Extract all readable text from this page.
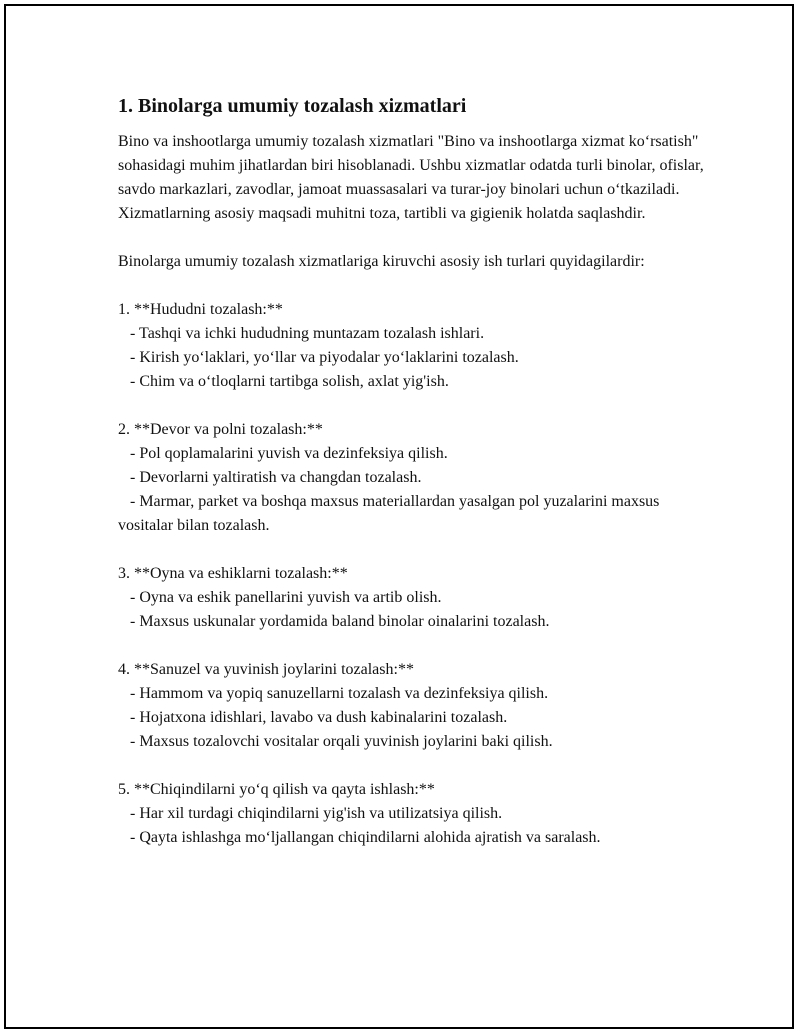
1. Binolarga umumiy tozalash xizmatlari

Bino va inshootlarga umumiy tozalash xizmatlari "Bino va inshootlarga xizmat ko‘rsatish" sohasidagi muhim jihatlardan biri hisoblanadi. Ushbu xizmatlar odatda turli binolar, ofislar, savdo markazlari, zavodlar, jamoat muassasalari va turar-joy binolari uchun o‘tkaziladi. Xizmatlarning asosiy maqsadi muhitni toza, tartibli va gigienik holatda saqlashdir.

Binolarga umumiy tozalash xizmatlariga kiruvchi asosiy ish turlari quyidagilardir:

1. **Hududni tozalash:**

- Tashqi va ichki hududning muntazam tozalash ishlari.

- Kirish yo‘laklari, yo‘llar va piyodalar yo‘laklarini tozalash.

- Chim va o‘tloqlarni tartibga solish, axlat yig'ish.

2. **Devor va polni tozalash:**

- Pol qoplamalarini yuvish va dezinfeksiya qilish.

- Devorlarni yaltiratish va changdan tozalash.

- Marmar, parket va boshqa maxsus materiallardan yasalgan pol yuzalarini maxsus vositalar bilan tozalash.

3. **Oyna va eshiklarni tozalash:**

- Oyna va eshik panellarini yuvish va artib olish.

- Maxsus uskunalar yordamida baland binolar oinalarini tozalash.

4. **Sanuzel va yuvinish joylarini tozalash:**

- Hammom va yopiq sanuzellarni tozalash va dezinfeksiya qilish.

- Hojatxona idishlari, lavabo va dush kabinalarini tozalash.

- Maxsus tozalovchi vositalar orqali yuvinish joylarini baki qilish.

5. **Chiqindilarni yo‘q qilish va qayta ishlash:**

- Har xil turdagi chiqindilarni yig'ish va utilizatsiya qilish.

- Qayta ishlashga mo‘ljallangan chiqindilarni alohida ajratish va saralash.
